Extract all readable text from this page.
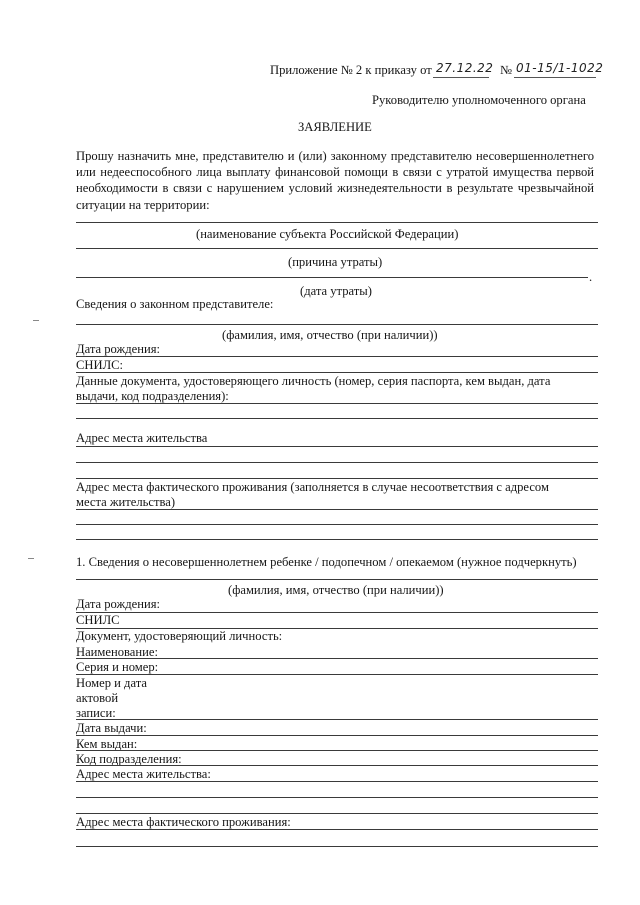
Приложение № 2 к приказу от 27.12.22 № 01-15/1-1022
Руководителю уполномоченного органа
ЗАЯВЛЕНИЕ
Прошу назначить мне, представителю и (или) законному представителю несовершеннолетнего или недееспособного лица выплату финансовой помощи в связи с утратой имущества первой необходимости в связи с нарушением условий жизнедеятельности в результате чрезвычайной ситуации на территории:
(наименование субъекта Российской Федерации)
(причина утраты)
.
(дата утраты)
Сведения о законном представителе:
(фамилия, имя, отчество (при наличии))
Дата рождения:
СНИЛС:
Данные документа, удостоверяющего личность (номер, серия паспорта, кем выдан, дата
выдачи, код подразделения):
Адрес места жительства
Адрес места фактического проживания (заполняется в случае несоответствия с адресом
места жительства)
1. Сведения о несовершеннолетнем ребенке / подопечном / опекаемом (нужное подчеркнуть)
(фамилия, имя, отчество (при наличии))
Дата рождения:
СНИЛС
Документ, удостоверяющий личность:
Наименование:
Серия и номер:
Номер и дата
актовой
записи:
Дата выдачи:
Кем выдан:
Код подразделения:
Адрес места жительства:
Адрес места фактического проживания:
